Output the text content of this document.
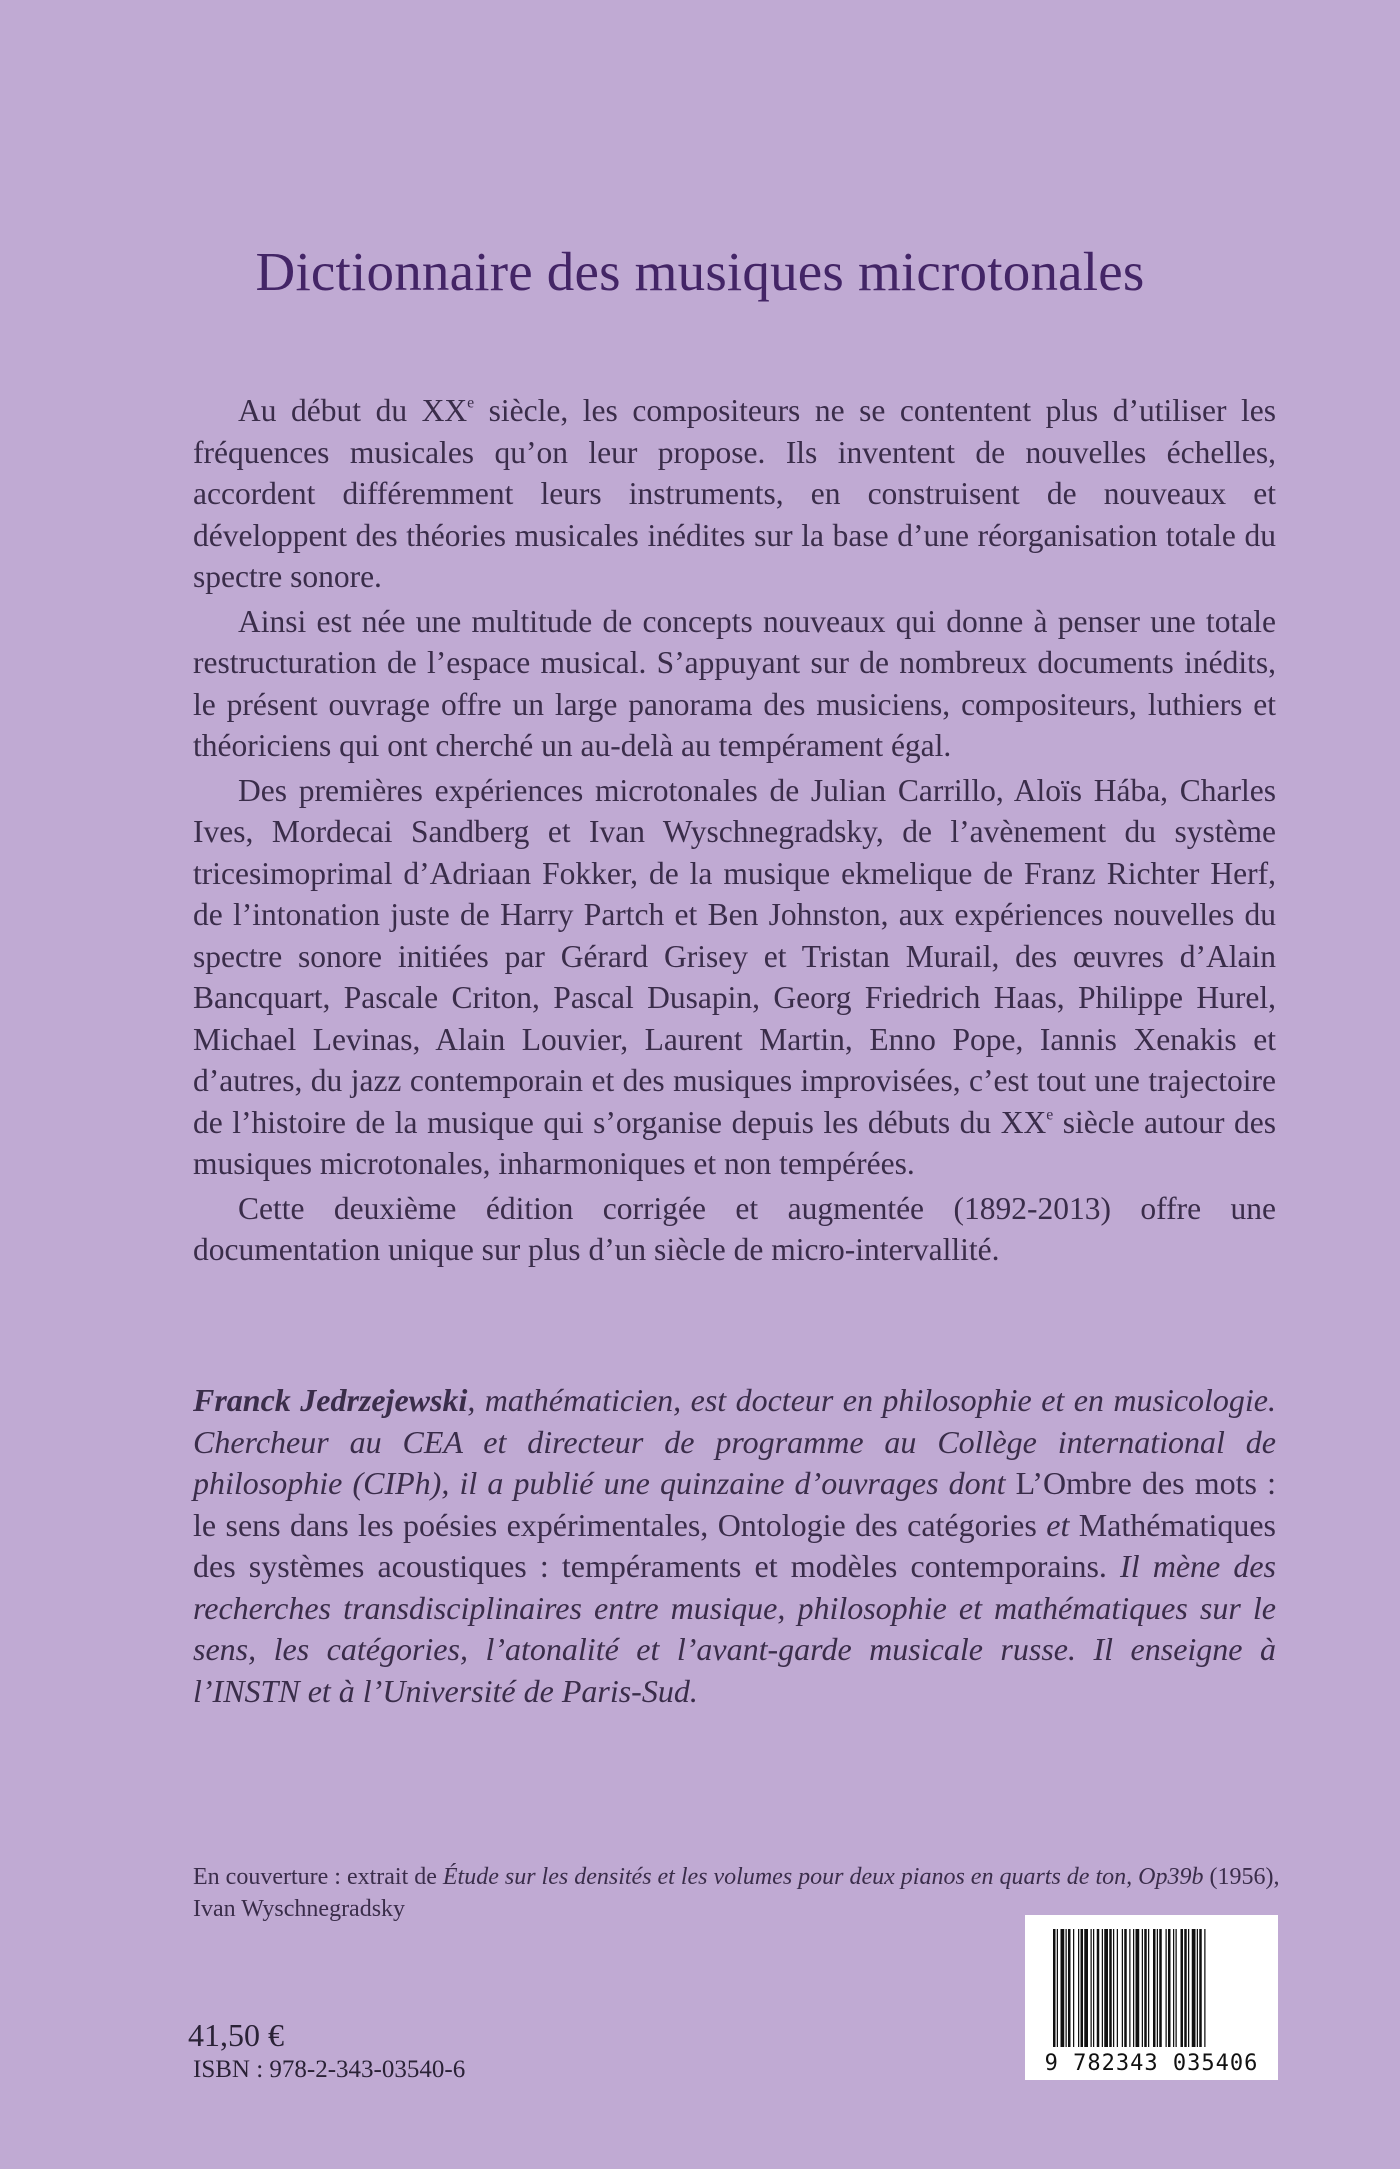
Dictionnaire des musiques microtonales

Au début du XXe siècle, les compositeurs ne se contentent plus d’utiliser les fréquences musicales qu’on leur propose. Ils inventent de nouvelles échelles, accordent différemment leurs instruments, en construisent de nouveaux et développent des théories musicales inédites sur la base d’une réorganisation totale du spectre sonore.

Ainsi est née une multitude de concepts nouveaux qui donne à penser une totale restructuration de l’espace musical. S’appuyant sur de nombreux documents inédits, le présent ouvrage offre un large panorama des musiciens, compositeurs, luthiers et théoriciens qui ont cherché un au-delà au tempérament égal.

Des premières expériences microtonales de Julian Carrillo, Aloïs Hába, Charles Ives, Mordecai Sandberg et Ivan Wyschnegradsky, de l’avènement du système tricesimoprimal d’Adriaan Fokker, de la musique ekmelique de Franz Richter Herf, de l’intonation juste de Harry Partch et Ben Johnston, aux expériences nouvelles du spectre sonore initiées par Gérard Grisey et Tristan Murail, des œuvres d’Alain Bancquart, Pascale Criton, Pascal Dusapin, Georg Friedrich Haas, Philippe Hurel, Michael Levinas, Alain Louvier, Laurent Martin, Enno Pope, Iannis Xenakis et d’autres, du jazz contemporain et des musiques improvisées, c’est tout une trajectoire de l’histoire de la musique qui s’organise depuis les débuts du XXe siècle autour des musiques microtonales, inharmoniques et non tempérées.

Cette deuxième édition corrigée et augmentée (1892-2013) offre une documentation unique sur plus d’un siècle de micro-intervallité.

Franck Jedrzejewski, mathématicien, est docteur en philosophie et en musicologie. Chercheur au CEA et directeur de programme au Collège international de philosophie (CIPh), il a publié une quinzaine d’ouvrages dont L’Ombre des mots : le sens dans les poésies expérimentales, Ontologie des catégories et Mathématiques des systèmes acoustiques : tempéraments et modèles contemporains. Il mène des recherches transdisciplinaires entre musique, philosophie et mathématiques sur le sens, les catégories, l’atonalité et l’avant-garde musicale russe. Il enseigne à l’INSTN et à l’Université de Paris-Sud.

En couverture : extrait de Étude sur les densités et les volumes pour deux pianos en quarts de ton, Op39b (1956), Ivan Wyschnegradsky
41,50 €
ISBN : 978-2-343-03540-6	9 782343 035406
